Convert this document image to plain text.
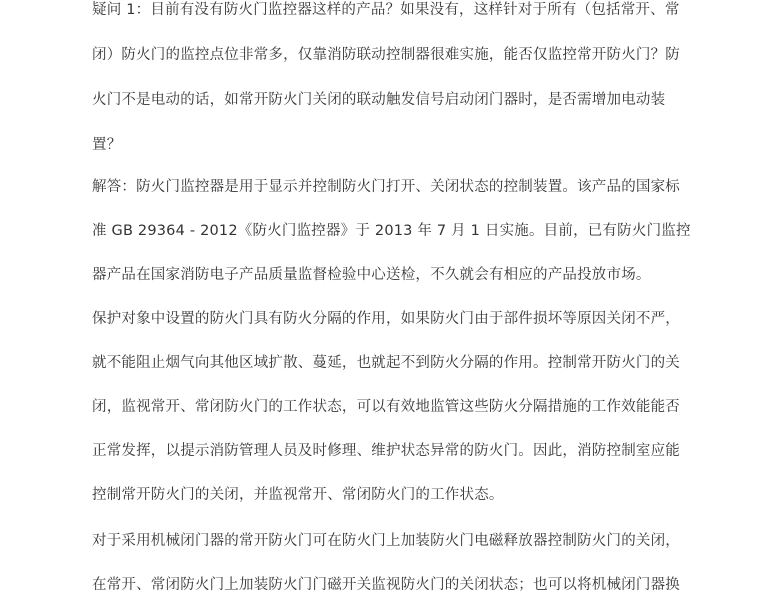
疑问 1：目前有没有防火门监控器这样的产品？如果没有，这样针对于所有（包括常开、常
闭）防火门的监控点位非常多，仅靠消防联动控制器很难实施，能否仅监控常开防火门？防
火门不是电动的话，如常开防火门关闭的联动触发信号启动闭门器时，是否需增加电动装
置？
解答：防火门监控器是用于显示并控制防火门打开、关闭状态的控制装置。该产品的国家标
准 GB 29364 - 2012《防火门监控器》于 2013 年 7 月 1 日实施。目前，已有防火门监控
器产品在国家消防电子产品质量监督检验中心送检，不久就会有相应的产品投放市场。
保护对象中设置的防火门具有防火分隔的作用，如果防火门由于部件损坏等原因关闭不严，
就不能阻止烟气向其他区域扩散、蔓延，也就起不到防火分隔的作用。控制常开防火门的关
闭，监视常开、常闭防火门的工作状态，可以有效地监管这些防火分隔措施的工作效能能否
正常发挥，以提示消防管理人员及时修理、维护状态异常的防火门。因此，消防控制室应能
控制常开防火门的关闭，并监视常开、常闭防火门的工作状态。
对于采用机械闭门器的常开防火门可在防火门上加装防火门电磁释放器控制防火门的关闭，
在常开、常闭防火门上加装防火门门磁开关监视防火门的关闭状态；也可以将机械闭门器换
